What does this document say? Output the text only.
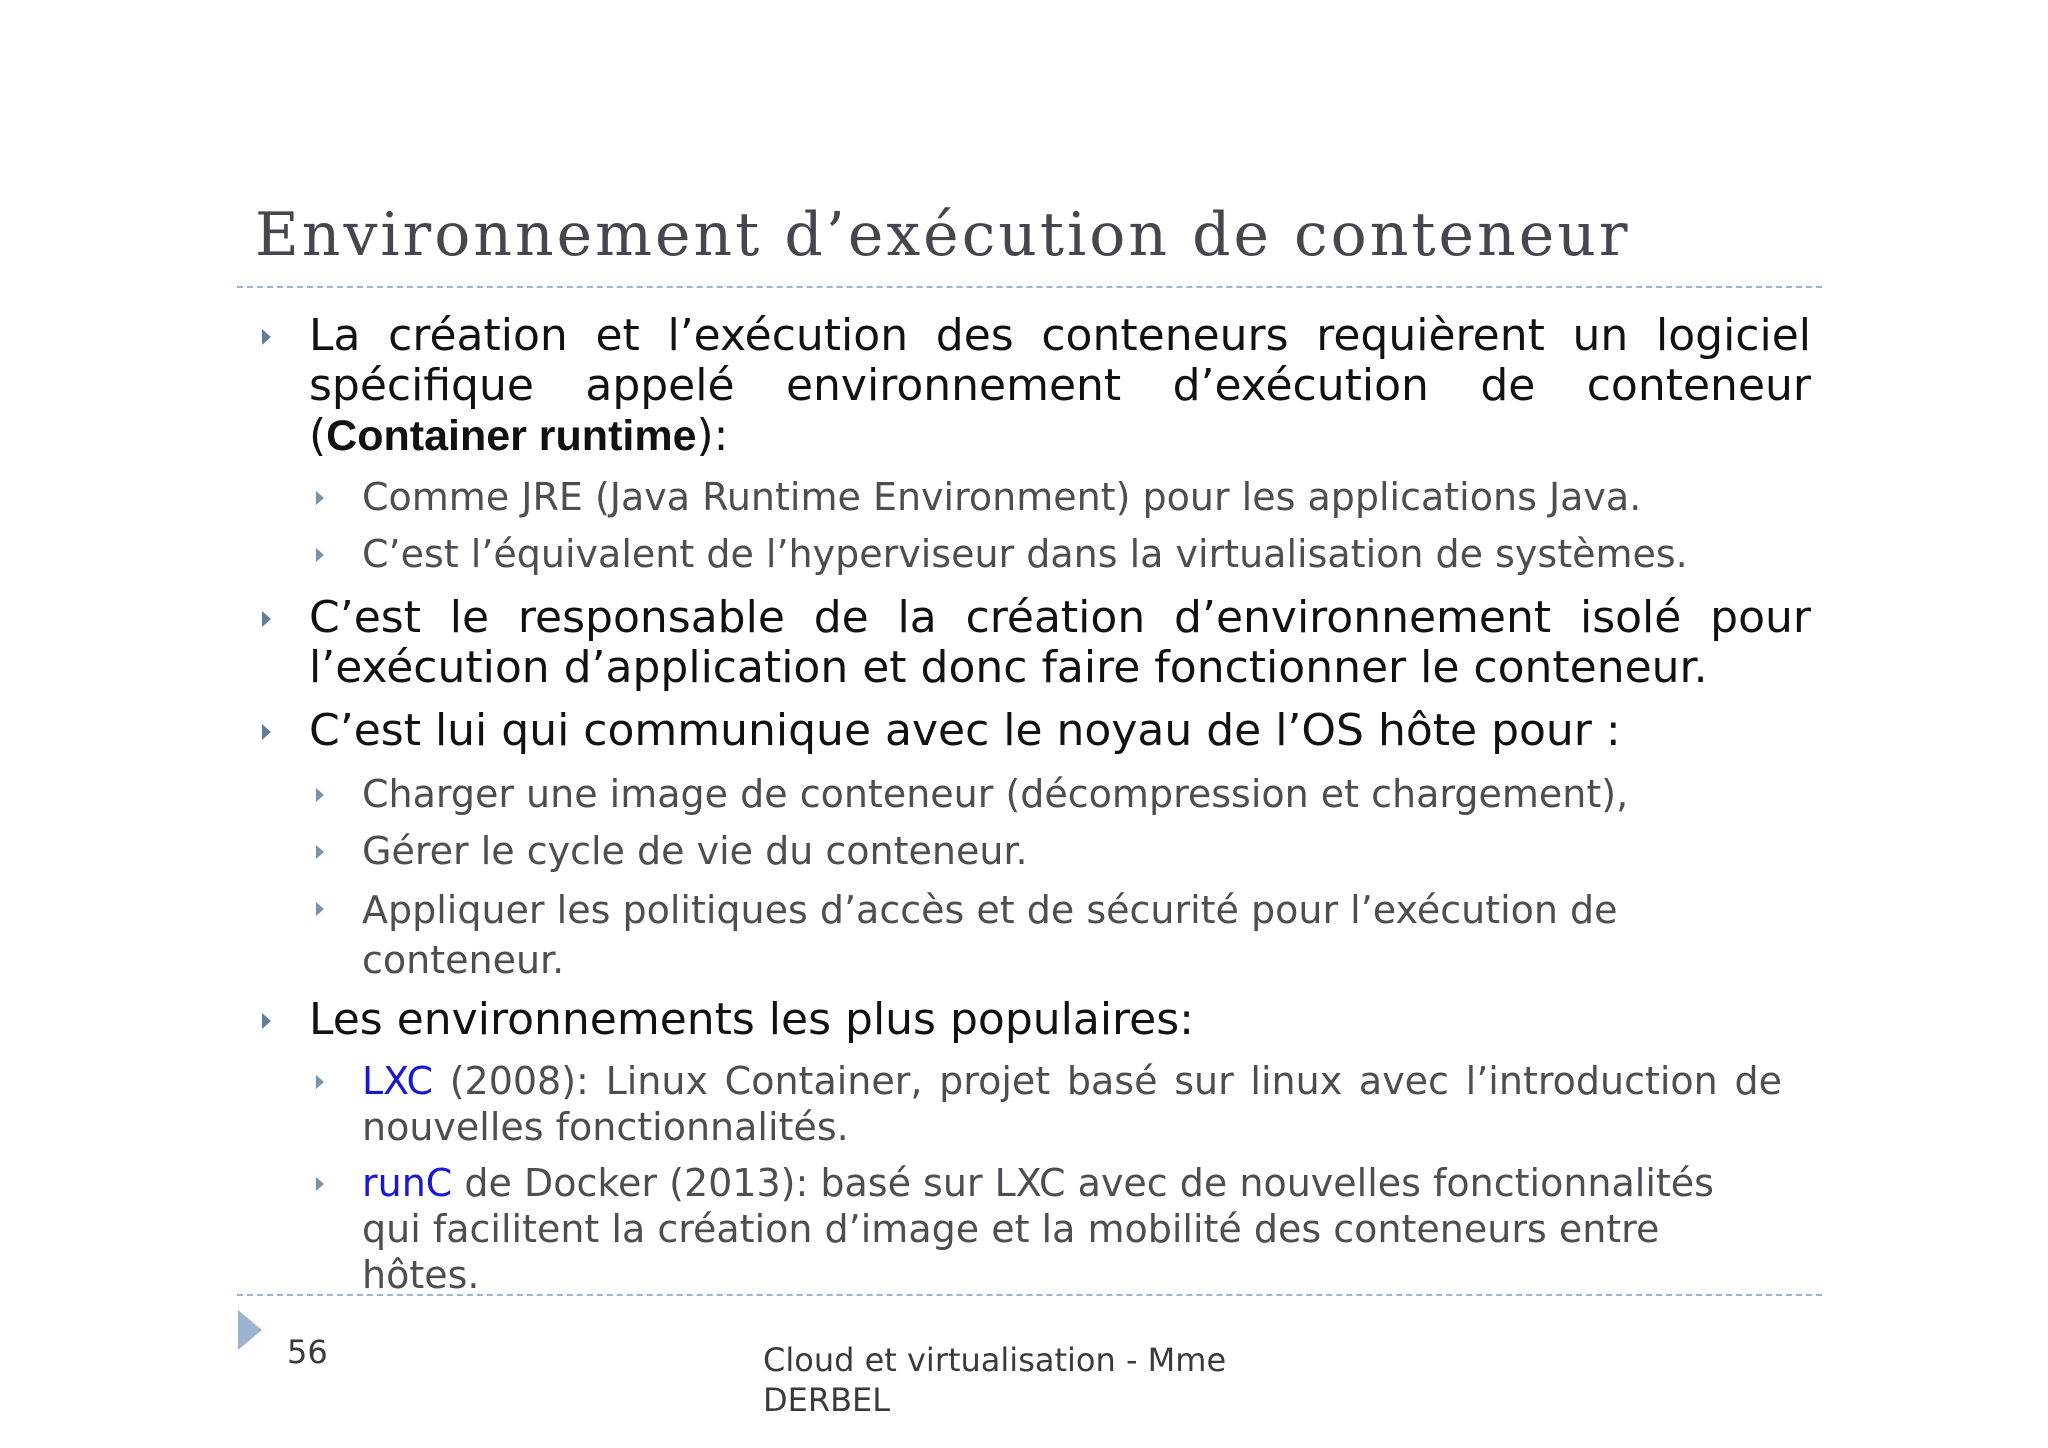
Environnement d’exécution de conteneur

La création et l’exécution des conteneurs requièrent un logiciel spécifique appelé environnement d’exécution de conteneur (Container runtime):

Comme JRE (Java Runtime Environment) pour les applications Java.

C’est l’équivalent de l’hyperviseur dans la virtualisation de systèmes.

C’est le responsable de la création d’environnement isolé pour l’exécution d’application et donc faire fonctionner le conteneur.

C’est lui qui communique avec le noyau de l’OS hôte pour :

Charger une image de conteneur (décompression et chargement),

Gérer le cycle de vie du conteneur.

Appliquer les politiques d’accès et de sécurité pour l’exécution de conteneur.

Les environnements les plus populaires:

LXC (2008): Linux Container, projet basé sur linux avec l’introduction de nouvelles fonctionnalités.

runC de Docker (2013): basé sur LXC avec de nouvelles fonctionnalités qui facilitent la création d’image et la mobilité des conteneurs entre hôtes.

56	Cloud et virtualisation - Mme DERBEL
